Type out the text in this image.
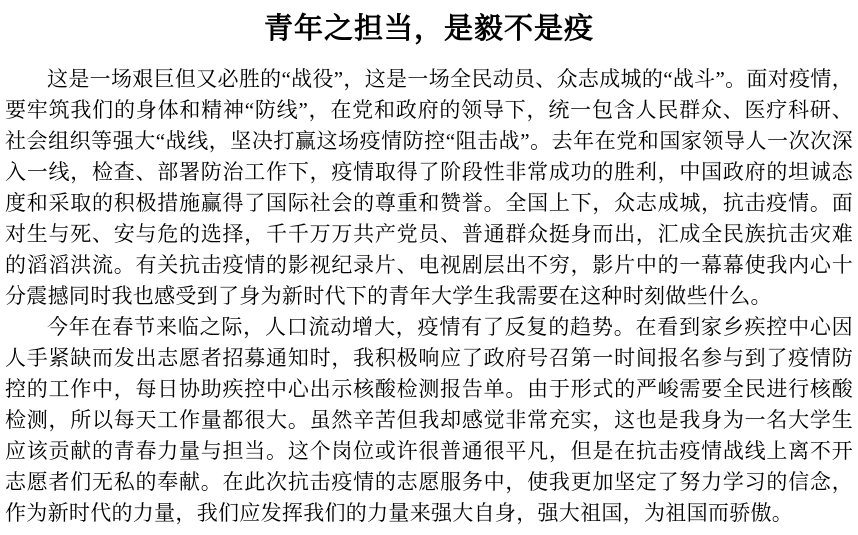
青年之担当，是毅不是疫

这是一场艰巨但又必胜的“战役”，这是一场全民动员、众志成城的“战斗”。面对疫情，要牢筑我们的身体和精神“防线”，在党和政府的领导下，统一包含人民群众、医疗科研、社会组织等强大“战线，坚决打赢这场疫情防控“阻击战”。去年在党和国家领导人一次次深入一线，检查、部署防治工作下，疫情取得了阶段性非常成功的胜利，中国政府的坦诚态度和采取的积极措施赢得了国际社会的尊重和赞誉。全国上下，众志成城，抗击疫情。面对生与死、安与危的选择，千千万万共产党员、普通群众挺身而出，汇成全民族抗击灾难的滔滔洪流。有关抗击疫情的影视纪录片、电视剧层出不穷，影片中的一幕幕使我内心十分震撼同时我也感受到了身为新时代下的青年大学生我需要在这种时刻做些什么。

今年在春节来临之际，人口流动增大，疫情有了反复的趋势。在看到家乡疾控中心因人手紧缺而发出志愿者招募通知时，我积极响应了政府号召第一时间报名参与到了疫情防控的工作中，每日协助疾控中心出示核酸检测报告单。由于形式的严峻需要全民进行核酸检测，所以每天工作量都很大。虽然辛苦但我却感觉非常充实，这也是我身为一名大学生应该贡献的青春力量与担当。这个岗位或许很普通很平凡，但是在抗击疫情战线上离不开志愿者们无私的奉献。在此次抗击疫情的志愿服务中，使我更加坚定了努力学习的信念，作为新时代的力量，我们应发挥我们的力量来强大自身，强大祖国，为祖国而骄傲。
